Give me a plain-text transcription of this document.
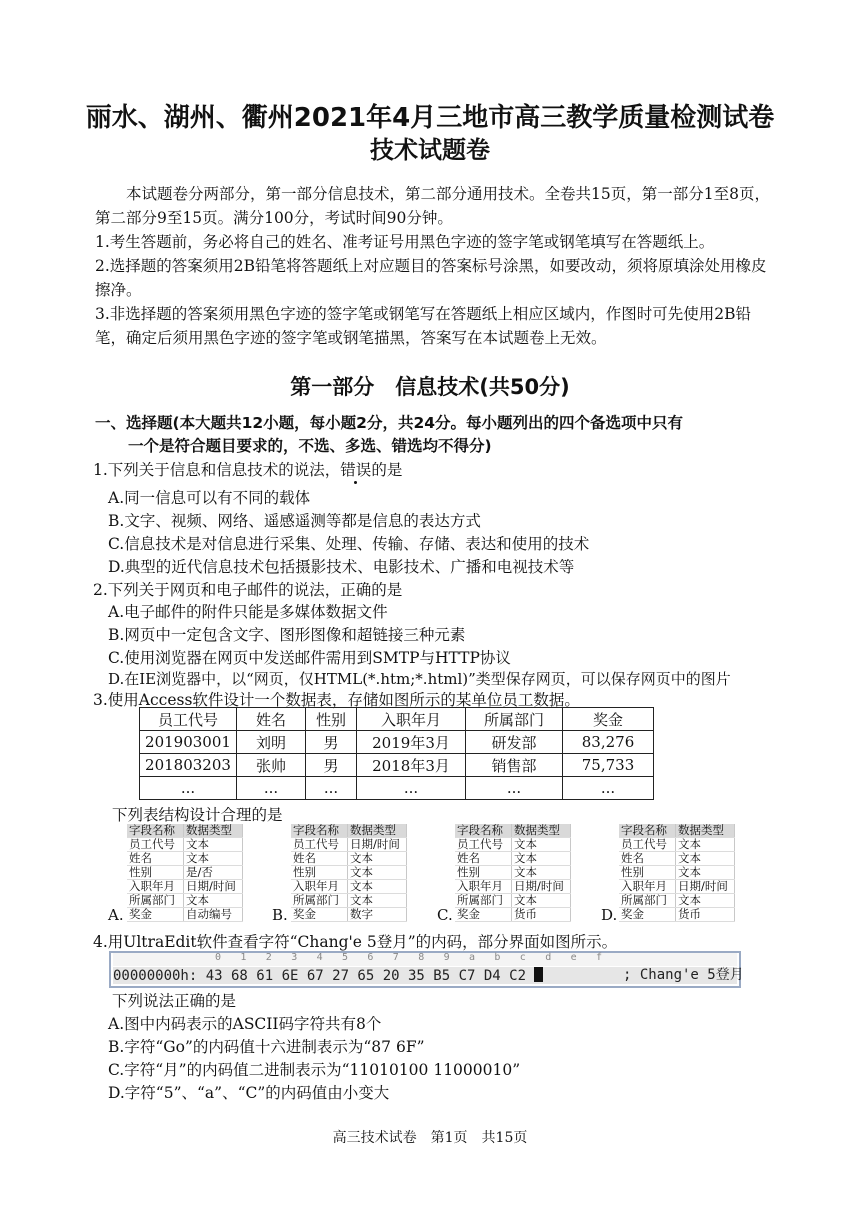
丽水、湖州、衢州2021年4月三地市高三教学质量检测试卷
技术试题卷
本试题卷分两部分，第一部分信息技术，第二部分通用技术。全卷共15页，第一部分1至8页，第二部分9至15页。满分100分，考试时间90分钟。
1.考生答题前，务必将自己的姓名、准考证号用黑色字迹的签字笔或钢笔填写在答题纸上。
2.选择题的答案须用2B铅笔将答题纸上对应题目的答案标号涂黑，如要改动，须将原填涂处用橡皮擦净。
3.非选择题的答案须用黑色字迹的签字笔或钢笔写在答题纸上相应区域内，作图时可先使用2B铅笔，确定后须用黑色字迹的签字笔或钢笔描黑，答案写在本试题卷上无效。
第一部分　信息技术(共50分)
一、选择题(本大题共12小题，每小题2分，共24分。每小题列出的四个备选项中只有
一个是符合题目要求的，不选、多选、错选均不得分)
1.下列关于信息和信息技术的说法，错误的是
A.同一信息可以有不同的载体
B.文字、视频、网络、遥感遥测等都是信息的表达方式
C.信息技术是对信息进行采集、处理、传输、存储、表达和使用的技术
D.典型的近代信息技术包括摄影技术、电影技术、广播和电视技术等
2.下列关于网页和电子邮件的说法，正确的是
A.电子邮件的附件只能是多媒体数据文件
B.网页中一定包含文字、图形图像和超链接三种元素
C.使用浏览器在网页中发送邮件需用到SMTP与HTTP协议
D.在IE浏览器中，以“网页，仅HTML(*.htm;*.html)”类型保存网页，可以保存网页中的图片
3.使用Access软件设计一个数据表，存储如图所示的某单位员工数据。
员工代号	姓名	性别	入职年月	所属部门	奖金
201903001	刘明	男	2019年3月	研发部	83,276
201803203	张帅	男	2018年3月	销售部	75,733
...	...	...	...	...	...
下列表结构设计合理的是
A.
字段名称	数据类型
员工代号	文本
姓名	文本
性别	是/否
入职年月	日期/时间
所属部门	文本
奖金	自动编号	B.
字段名称	数据类型
员工代号	日期/时间
姓名	文本
性别	文本
入职年月	文本
所属部门	文本
奖金	数字	C.
字段名称	数据类型
员工代号	文本
姓名	文本
性别	文本
入职年月	日期/时间
所属部门	文本
奖金	货币	D.
字段名称	数据类型
员工代号	文本
姓名	文本
性别	文本
入职年月	日期/时间
所属部门	文本
奖金	货币
4.用UltraEdit软件查看字符“Chang'e 5登月”的内码，部分界面如图所示。
0 1 2 3 4 5 6 7 8 9 a b c d e f
00000000h: 43 68 61 6E 67 27 65 20 35 B5 C7 D4 C2	; Chang'e 5登月
下列说法正确的是
A.图中内码表示的ASCII码字符共有8个
B.字符“Go”的内码值十六进制表示为“87 6F”
C.字符“月”的内码值二进制表示为“11010100 11000010”
D.字符“5”、“a”、“C”的内码值由小变大
高三技术试卷　第1页　共15页
